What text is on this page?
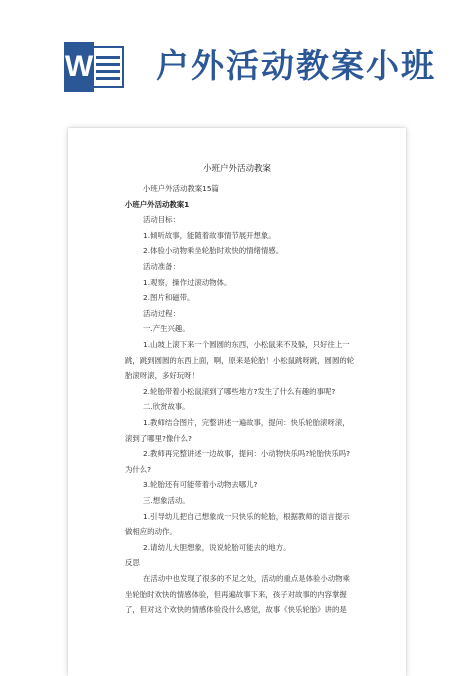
W 户外活动教案小班
小班户外活动教案
小班户外活动教案15篇
小班户外活动教案1
活动目标：
1.倾听故事，能随着故事情节展开想象。
2.体验小动物乘坐轮胎时欢快的情绪情感。
活动准备：
1.观察，操作过滚动物体。
2.图片和磁带。
活动过程：
一.产生兴趣。
1.山坡上滚下来一个圆圆的东西，小松鼠来不及躲，只好往上一
跳，跳到圆圆的东西上面，啊，原来是轮胎！小松鼠跳呀跳，圆圆的轮
胎滚呀滚，多好玩呀！
2.轮胎带着小松鼠滚到了哪些地方?发生了什么有趣的事呢?
二.欣赏故事。
1.教师结合图片，完整讲述一遍故事，提问：快乐轮胎滚呀滚，
滚到了哪里?像什么?
2.教师再完整讲述一边故事，提问：小动物快乐吗?轮胎快乐吗?
为什么?
3.轮胎还有可能带着小动物去哪儿?
三.想象活动。
1.引导幼儿把自己想象成一只快乐的轮胎，根据教师的语言提示
做相应的动作。
2.请幼儿大胆想象，说说轮胎可能去的地方。
反思
在活动中也发现了很多的不足之处，活动的重点是体验小动物乘
坐轮胎时欢快的情感体验，但再遍故事下来，孩子对故事的内容掌握
了，但对这个欢快的情感体验没什么感觉，故事《快乐轮胎》讲的是
